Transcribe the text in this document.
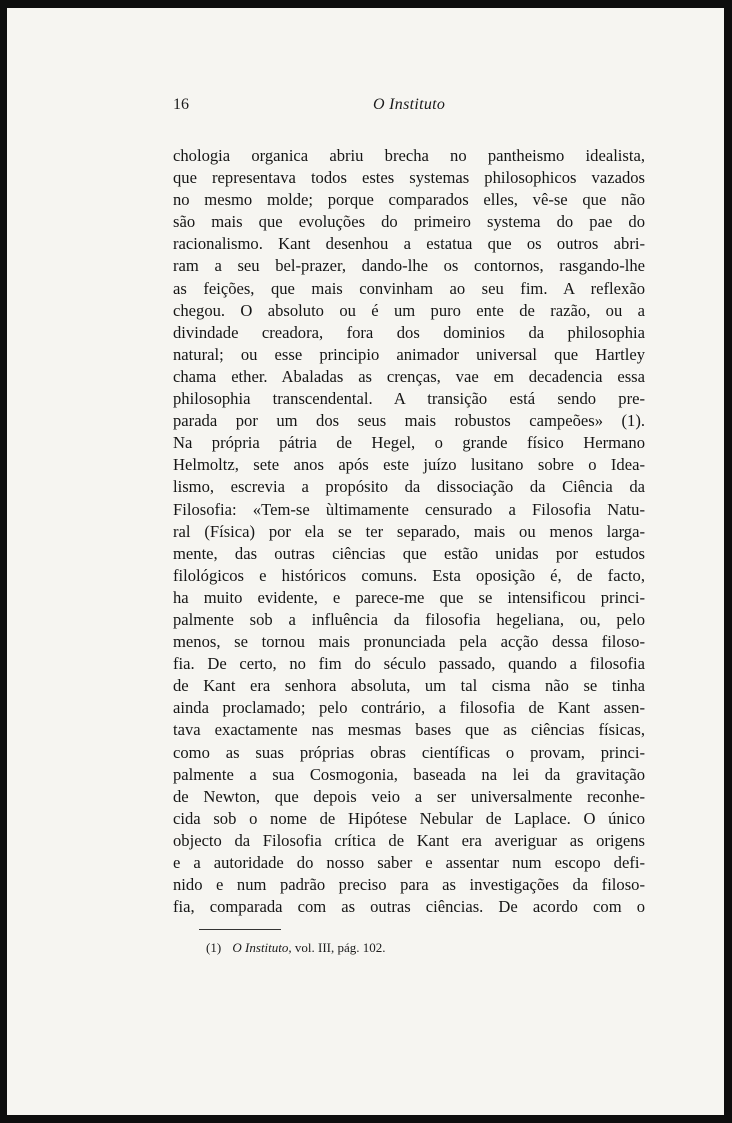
16	O Instituto
chologia organica abriu brecha no pantheismo idealista,
que representava todos estes systemas philosophicos vazados
no mesmo molde; porque comparados elles, vê-se que não
são mais que evoluções do primeiro systema do pae do
racionalismo. Kant desenhou a estatua que os outros abri-
ram a seu bel-prazer, dando-lhe os contornos, rasgando-lhe
as feições, que mais convinham ao seu fim. A reflexão
chegou. O absoluto ou é um puro ente de razão, ou a
divindade creadora, fora dos dominios da philosophia
natural; ou esse principio animador universal que Hartley
chama ether. Abaladas as crenças, vae em decadencia essa
philosophia transcendental. A transição está sendo pre-
parada por um dos seus mais robustos campeões» (1).
Na própria pátria de Hegel, o grande físico Hermano
Helmoltz, sete anos após este juízo lusitano sobre o Idea-
lismo, escrevia a propósito da dissociação da Ciência da
Filosofia: «Tem-se ùltimamente censurado a Filosofia Natu-
ral (Física) por ela se ter separado, mais ou menos larga-
mente, das outras ciências que estão unidas por estudos
filológicos e históricos comuns. Esta oposição é, de facto,
ha muito evidente, e parece-me que se intensificou princi-
palmente sob a influência da filosofia hegeliana, ou, pelo
menos, se tornou mais pronunciada pela acção dessa filoso-
fia. De certo, no fim do século passado, quando a filosofia
de Kant era senhora absoluta, um tal cisma não se tinha
ainda proclamado; pelo contrário, a filosofia de Kant assen-
tava exactamente nas mesmas bases que as ciências físicas,
como as suas próprias obras científicas o provam, princi-
palmente a sua Cosmogonia, baseada na lei da gravitação
de Newton, que depois veio a ser universalmente reconhe-
cida sob o nome de Hipótese Nebular de Laplace. O único
objecto da Filosofia crítica de Kant era averiguar as origens
e a autoridade do nosso saber e assentar num escopo defi-
nido e num padrão preciso para as investigações da filoso-
fia, comparada com as outras ciências. De acordo com o
(1) O Instituto, vol. III, pág. 102.
